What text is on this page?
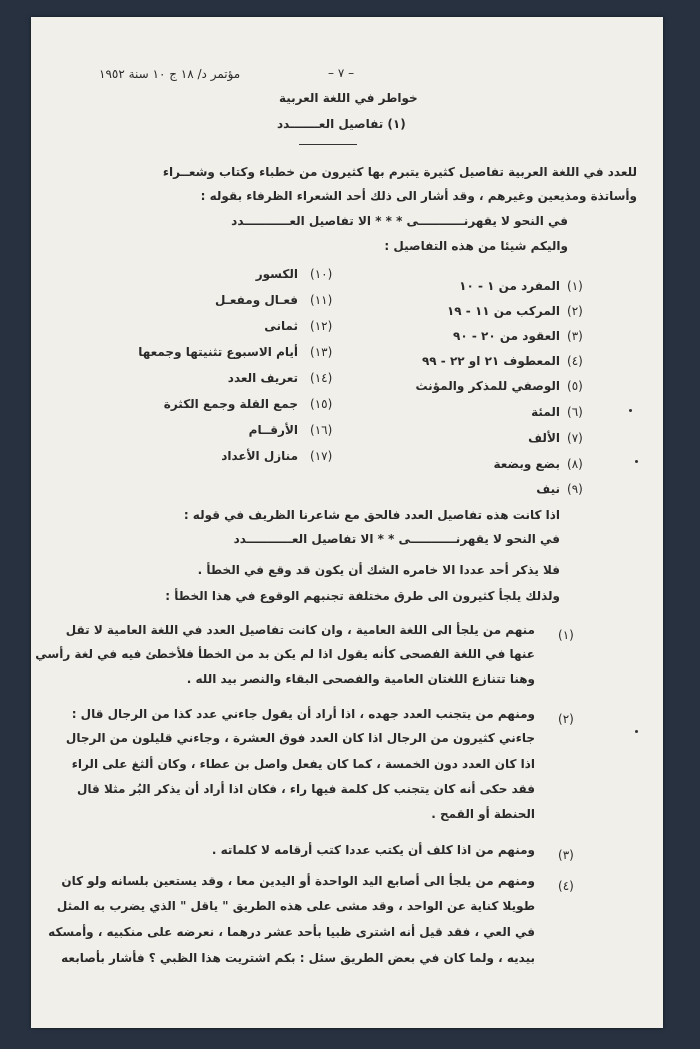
مؤتمر د/ ١٨ ج ١٠ سنة ١٩٥٢	– ٧ –
خواطر في اللغة العربية
(١) تفاصيل العـــــــدد
للعدد في اللغة العربية تفاصيل كثيرة يتبرم بها كثيرون من خطباء وكتاب وشعــراء
وأساتذة ومذيعين وغيرهم ، وقد أشار الى ذلك أحد الشعراء الظرفاء بقوله :
في النحو لا يقهرنـــــــــــى * * * الا تفاصيل العـــــــــــدد
واليكم شيئا من هذه التفاصيل :
(١)
المفرد من ١ - ١٠
(٢)
المركب من ١١ - ١٩
(٣)
العقود من ٢٠ - ٩٠
(٤)
المعطوف ٢١ او ٢٢ - ٩٩
(٥)
الوصفي للمذكر والمؤنث
(٦)
المئة
(٧)
الألف
(٨)
بضع وبضعة
(٩)
نيف
(١٠)
الكسور
(١١)
فعـال ومفعـل
(١٢)
ثمانى
(١٣)
أيام الاسبوع تثنيتها وجمعها
(١٤)
تعريف العدد
(١٥)
جمع القلة وجمع الكثرة
(١٦)
الأرقــام
(١٧)
منازل الأعداد
اذا كانت هذه تفاصيل العدد فالحق مع شاعرنا الظريف في قوله :
في النحو لا يقهرنـــــــــــى * * الا تفاصيل العـــــــــــدد
فلا يذكر أحد عددا الا خامره الشك أن يكون قد وقع في الخطأ .
ولذلك يلجأ كثيرون الى طرق مختلفة تجنبهم الوقوع في هذا الخطأ :
(١)
منهم من يلجأ الى اللغة العامية ، وان كانت تفاصيل العدد في اللغة العامية لا تقل
عنها في اللغة الفصحى كأنه يقول اذا لم يكن بد من الخطأ فلأخطئ فيه في لغة رأسي
وهنا تتنازع اللغتان العامية والفصحى البقاء والنصر بيد الله .
(٢)
ومنهم من يتجنب العدد جهده ، اذا أراد أن يقول جاءني عدد كذا من الرجال قال :
جاءني كثيرون من الرجال اذا كان العدد فوق العشرة ، وجاءني قليلون من الرجال
اذا كان العدد دون الخمسة ، كما كان يفعل واصل بن عطاء ، وكان ألثغ على الراء
فقد حكى أنه كان يتجنب كل كلمة فيها راء ، فكان اذا أراد أن يذكر البُر مثلا قال
الحنطة أو القمح .
(٣)
ومنهم من اذا كلف أن يكتب عددا كتب أرقامه لا كلماته .
(٤)
ومنهم من يلجأ الى أصابع اليد الواحدة أو اليدين معا ، وقد يستعين بلسانه ولو كان
طويلا كناية عن الواحد ، وقد مشى على هذه الطريق " ياقل " الذي يضرب به المثل
في العي ، فقد قيل أنه اشترى ظبيا بأحد عشر درهما ، نعرضه على منكبيه ، وأمسكه
بيديه ، ولما كان في بعض الطريق سئل : بكم اشتريت هذا الظبي ؟ فأشار بأصابعه
